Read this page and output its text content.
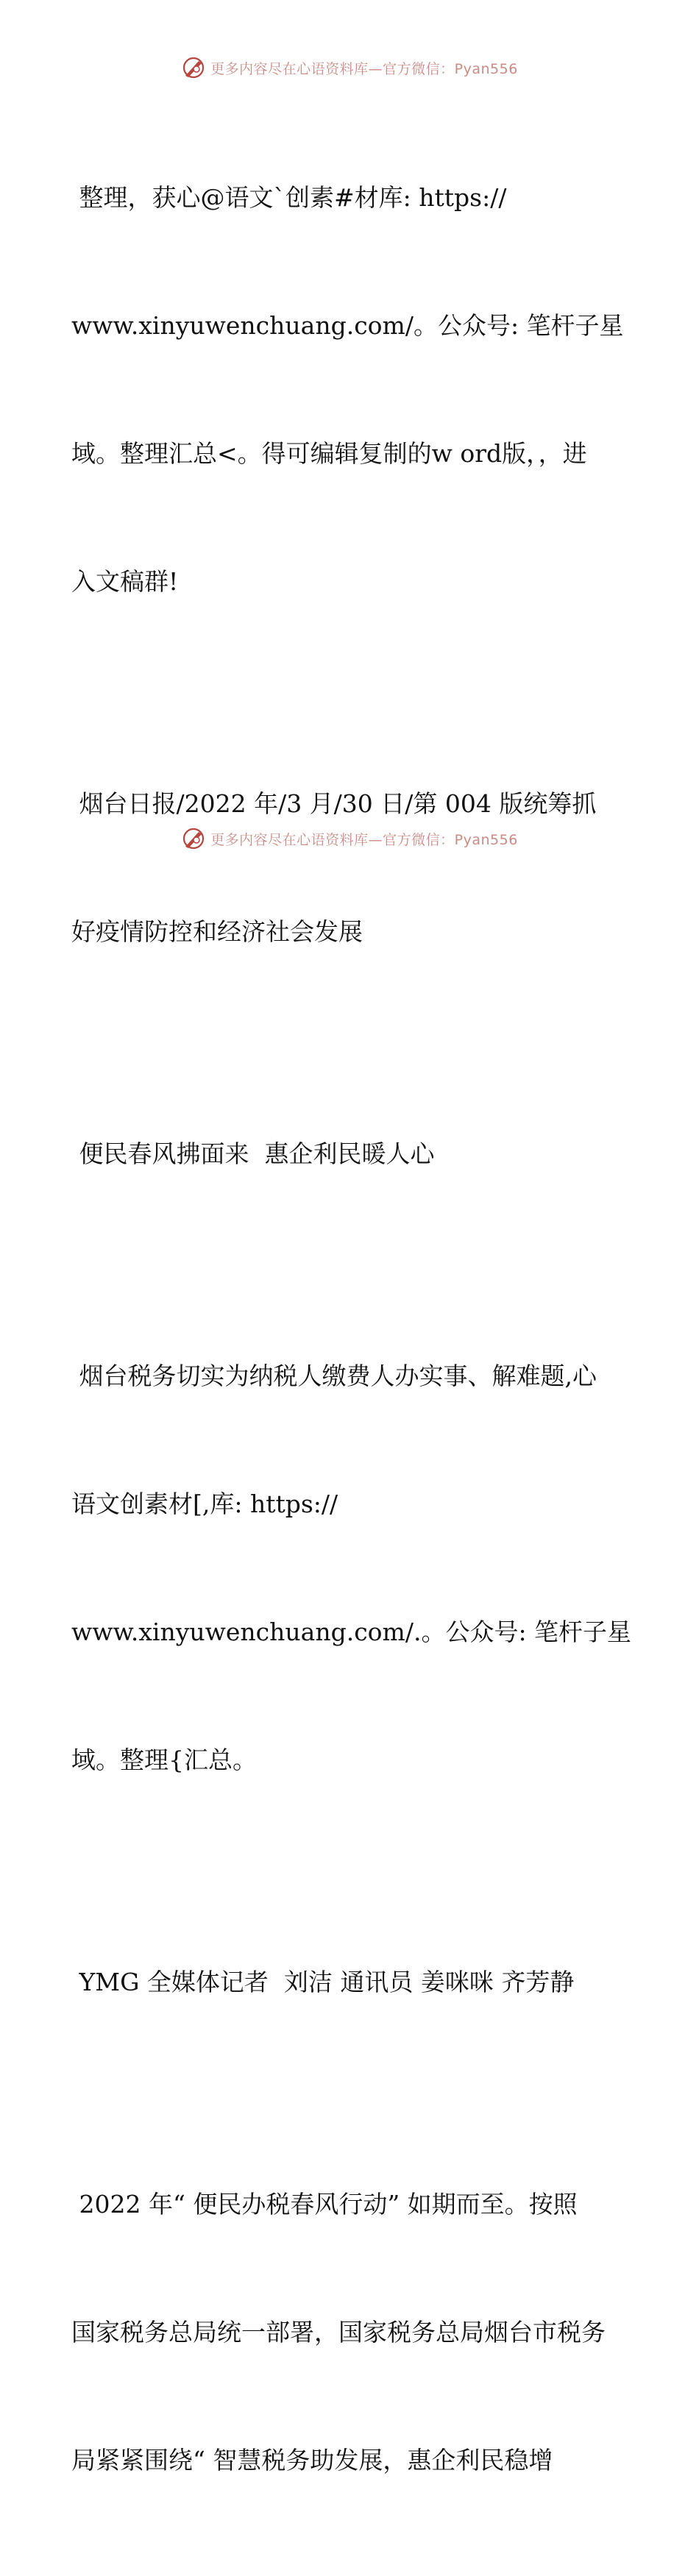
更多内容尽在心语资料库—官方微信：Pyan556

整理，获心@语文`创素#材库: https://

www.xinyuwenchuang.com/。公众号: 笔杆子星

域。整理汇总<。得可编辑复制的w ord版，，进

入文稿群!

烟台日报/2022 年/3 月/30 日/第 004 版统筹抓

好疫情防控和经济社会发展

便民春风拂面来  惠企利民暖人心

烟台税务切实为纳税人缴费人办实事、解难题,心

语文创素材[,库: https://

www.xinyuwenchuang.com/.。公众号: 笔杆子星

域。整理{汇总。

YMG 全媒体记者  刘洁 通讯员 姜咪咪 齐芳静

2022 年“ 便民办税春风行动” 如期而至。按照

国家税务总局统一部署，国家税务总局烟台市税务

局紧紧围绕“ 智慧税务助发展，惠企利民稳增

更多内容尽在心语资料库—官方微信：Pyan556
